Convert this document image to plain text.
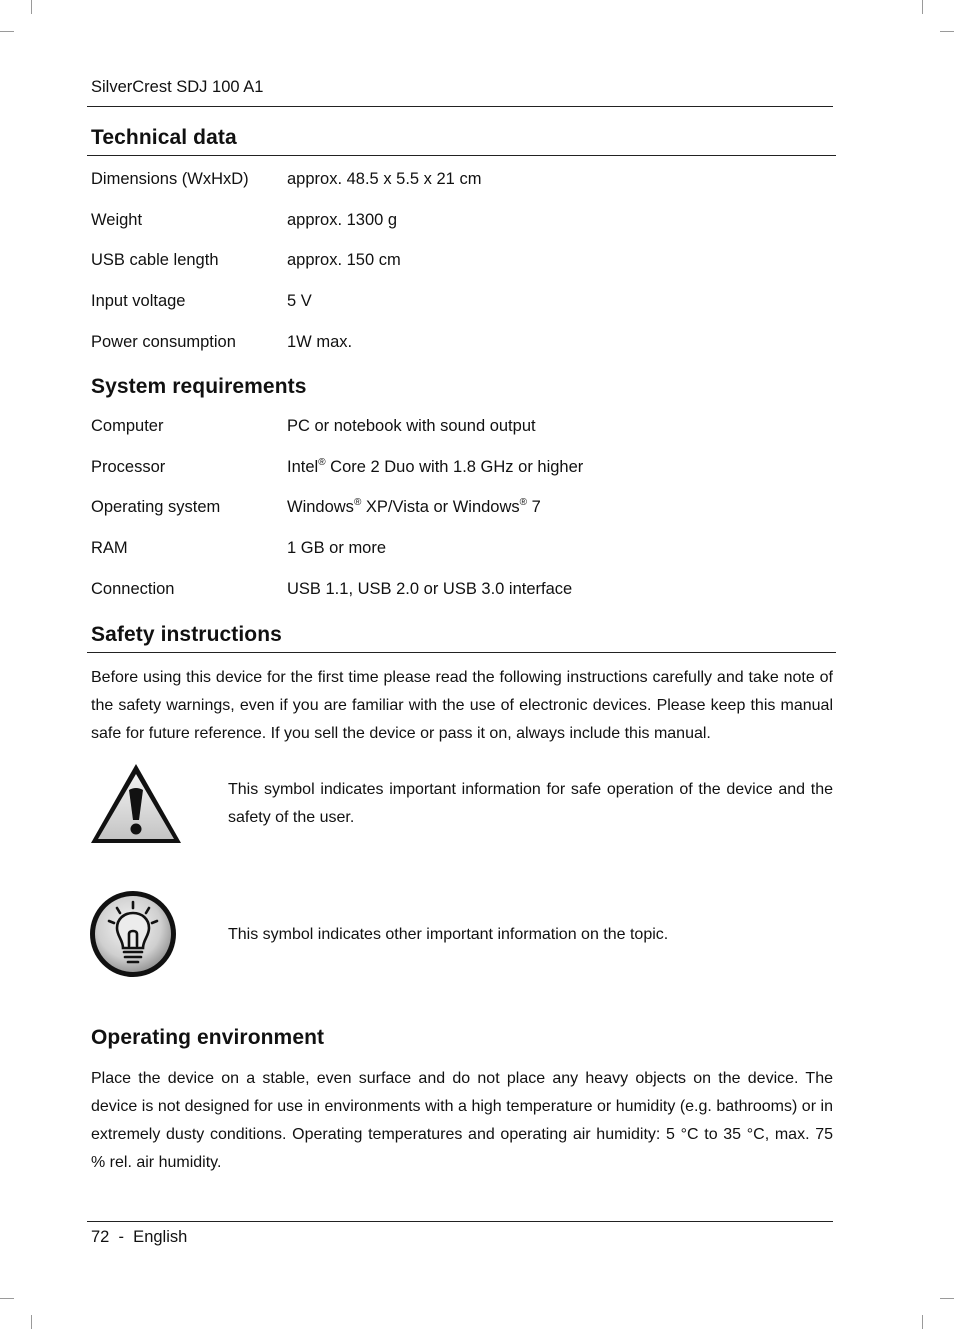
SilverCrest SDJ 100 A1
Technical data
Dimensions (WxHxD) approx. 48.5 x 5.5 x 21 cm
Weight	approx. 1300 g
USB cable length	approx. 150 cm
Input voltage	5 V
Power consumption	1W max.
System requirements
Computer	PC or notebook with sound output
Processor	Intel® Core 2 Duo with 1.8 GHz or higher
Operating system	Windows® XP/Vista or Windows® 7
RAM	1 GB or more
Connection	USB 1.1, USB 2.0 or USB 3.0 interface
Safety instructions

Before using this device for the first time please read the following instructions carefully and take note of the safety warnings, even if you are familiar with the use of electronic devices. Please keep this manual safe for future reference. If you sell the device or pass it on, always include this manual.

This symbol indicates important information for safe operation of the device and the safety of the user.

This symbol indicates other important information on the topic.

Operating environment

Place the device on a stable, even surface and do not place any heavy objects on the device. The device is not designed for use in environments with a high temperature or humidity (e.g. bathrooms) or in extremely dusty conditions. Operating temperatures and operating air humidity: 5 °C to 35 °C, max. 75 % rel. air humidity.

72  -  English
